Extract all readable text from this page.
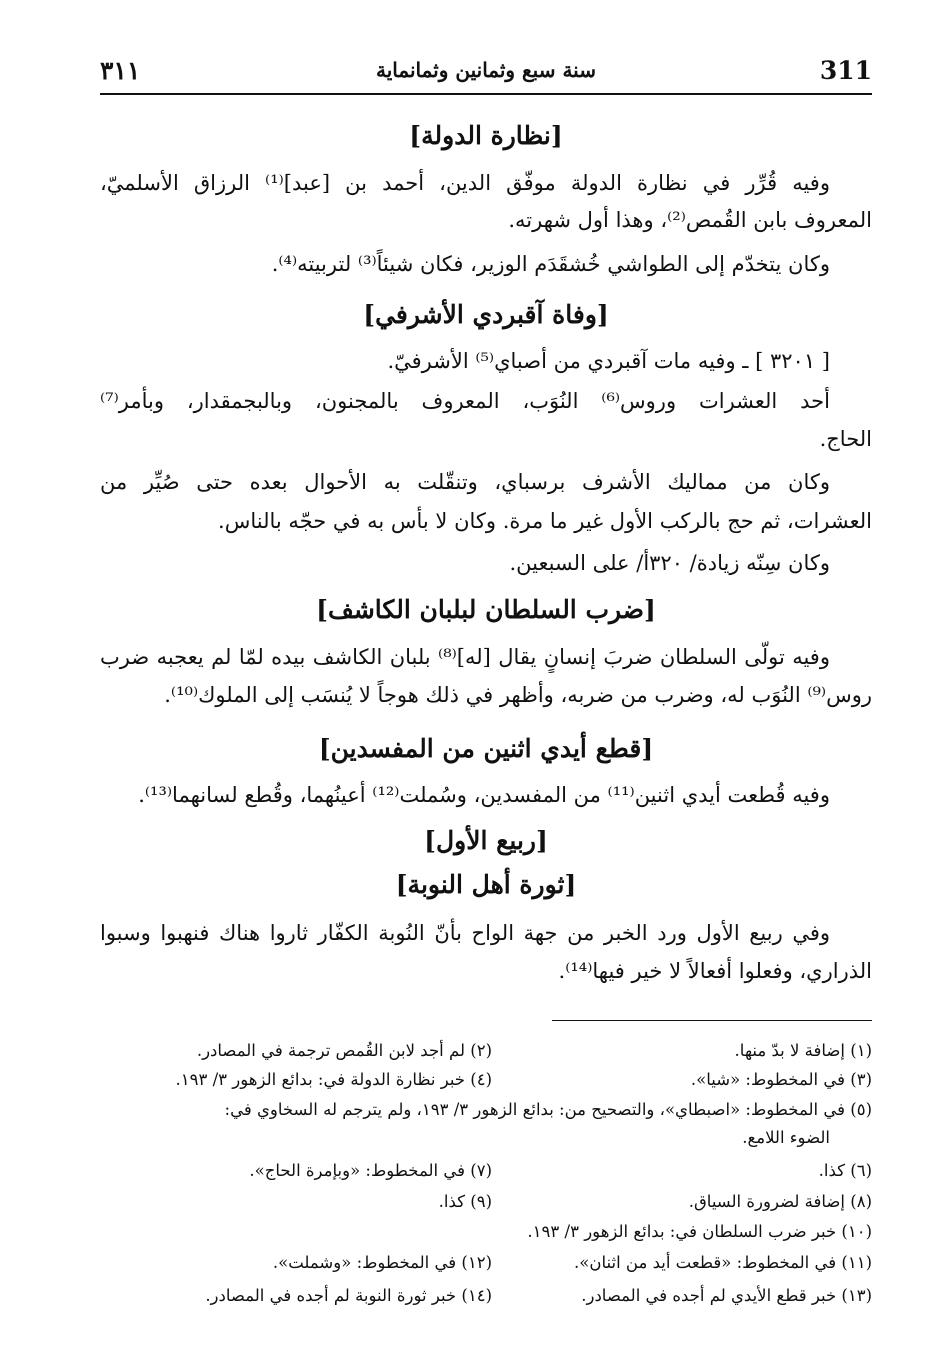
٣١١	سنة سبع وثمانين وثمانماية	311
[نظارة الدولة]
وفيه قُرِّر في نظارة الدولة موفّق الدين، أحمد بن [عبد]⁽¹⁾ الرزاق الأسلميّ،
المعروف بابن القُمص⁽²⁾، وهذا أول شهرته.
وكان يتخدّم إلى الطواشي خُشقَدَم الوزير، فكان شيئاً⁽³⁾ لتربيته⁽⁴⁾.
[وفاة آقبردي الأشرفي]
[ ٣٢٠١ ] ـ وفيه مات آقبردي من أصباي⁽⁵⁾ الأشرفيّ.
أحد العشرات وروس⁽⁶⁾ النُوَب، المعروف بالمجنون، وبالبجمقدار، وبأمر⁽⁷⁾
الحاج.
وكان من مماليك الأشرف برسباي، وتنقّلت به الأحوال بعده حتى صُيِّر من
العشرات، ثم حج بالركب الأول غير ما مرة. وكان لا بأس به في حجّه بالناس.
وكان سِنّه زيادة/ ٣٢٠أ/ على السبعين.
[ضرب السلطان لبلبان الكاشف]
وفيه تولّى السلطان ضربَ إنسانٍ يقال [له]⁽⁸⁾ بلبان الكاشف بيده لمّا لم يعجبه ضرب
روس⁽⁹⁾ النُوَب له، وضرب من ضربه، وأظهر في ذلك هوجاً لا يُنسَب إلى الملوك⁽¹⁰⁾.
[قطع أيدي اثنين من المفسدين]
وفيه قُطعت أيدي اثنين⁽¹¹⁾ من المفسدين، وسُملت⁽¹²⁾ أعينُهما، وقُطع لسانهما⁽¹³⁾.
[ربيع الأول]
[ثورة أهل النوبة]
وفي ربيع الأول ورد الخبر من جهة الواح بأنّ النُوبة الكفّار ثاروا هناك فنهبوا وسبوا
الذراري، وفعلوا أفعالاً لا خير فيها⁽¹⁴⁾.
(١) إضافة لا بدّ منها.
(٢) لم أجد لابن القُمص ترجمة في المصادر.
(٣) في المخطوط: «شيا».
(٤) خبر نظارة الدولة في: بدائع الزهور ٣/ ١٩٣.
(٥) في المخطوط: «اصبطاي»، والتصحيح من: بدائع الزهور ٣/ ١٩٣، ولم يترجم له السخاوي في:
الضوء اللامع.
(٦) كذا.
(٧) في المخطوط: «وبإمرة الحاج».
(٨) إضافة لضرورة السياق.
(٩) كذا.
(١٠) خبر ضرب السلطان في: بدائع الزهور ٣/ ١٩٣.
(١١) في المخطوط: «قطعت أيد من اثنان».
(١٢) في المخطوط: «وشملت».
(١٣) خبر قطع الأيدي لم أجده في المصادر.
(١٤) خبر ثورة النوبة لم أجده في المصادر.
